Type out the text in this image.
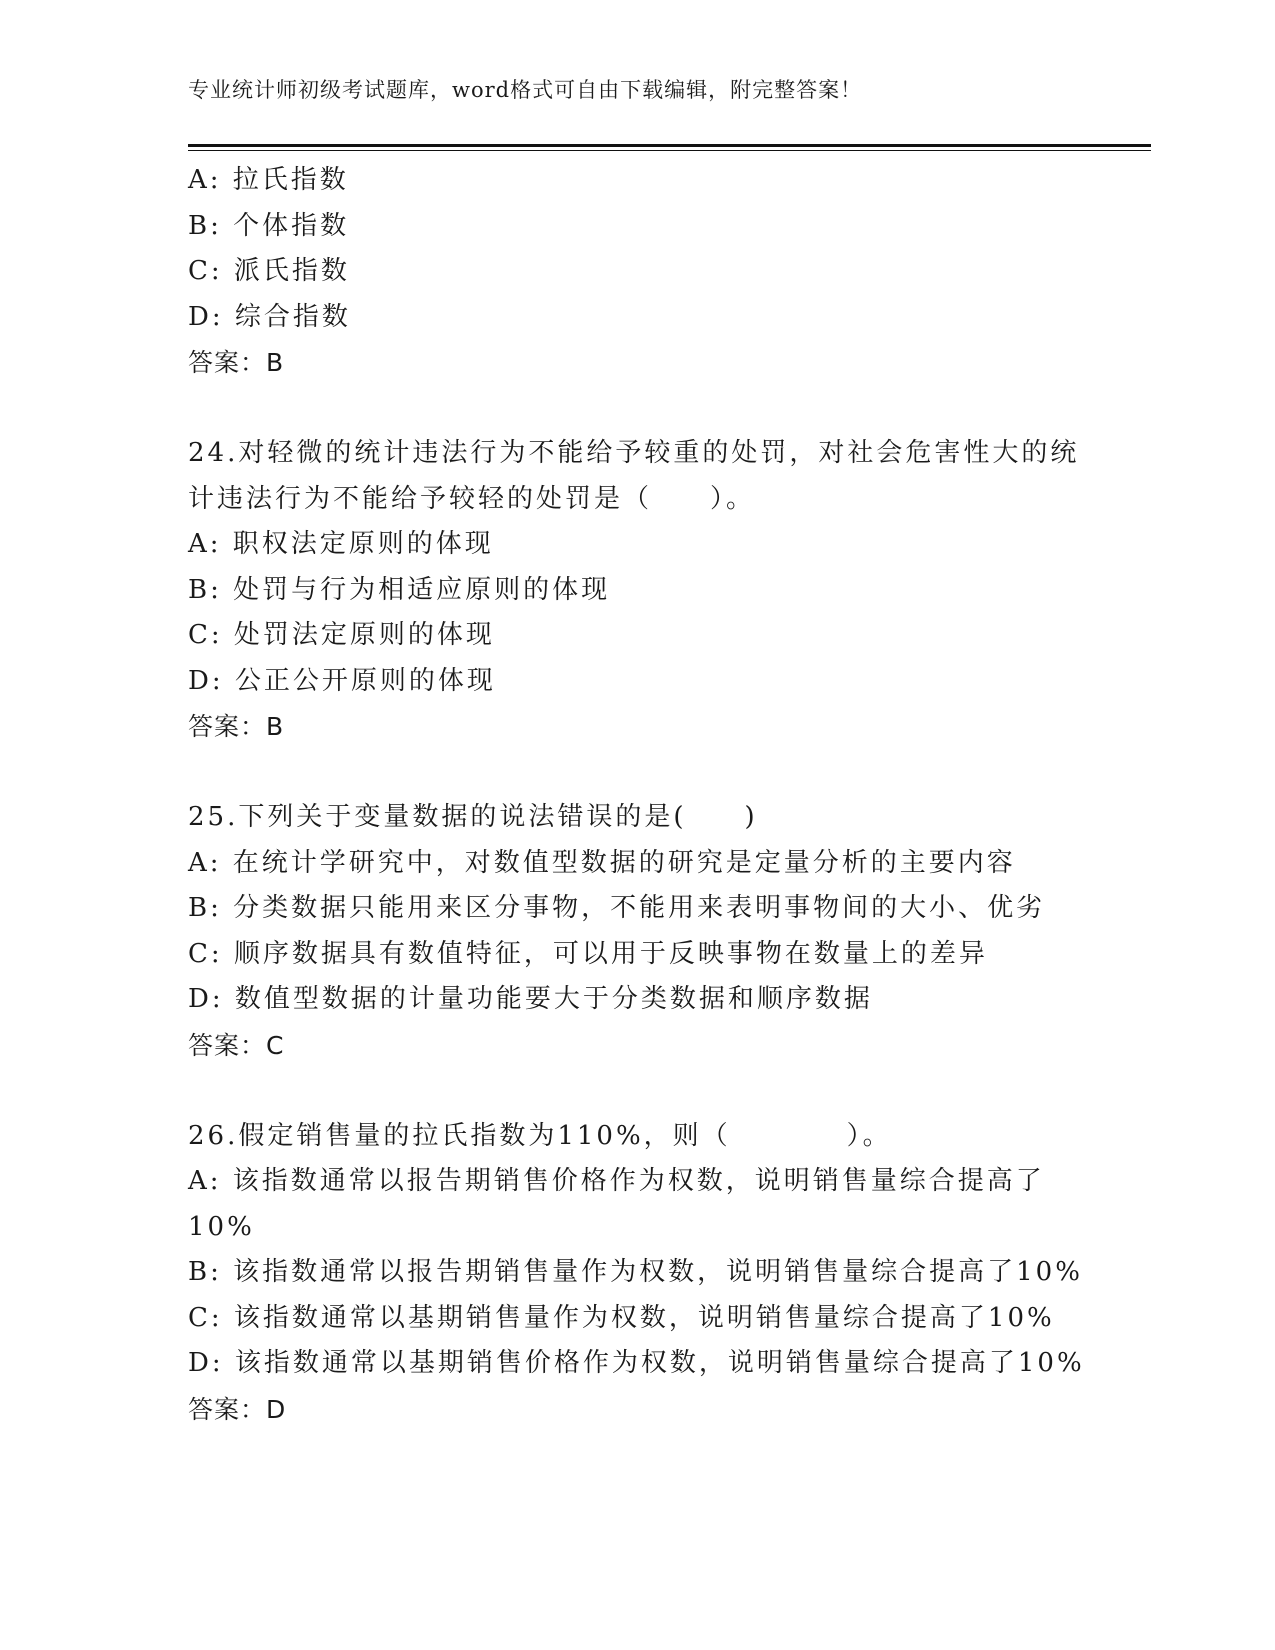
专业统计师初级考试题库，word格式可自由下载编辑，附完整答案！
A: 拉氏指数
B: 个体指数
C: 派氏指数
D: 综合指数
答案：B
24.对轻微的统计违法行为不能给予较重的处罚，对社会危害性大的统
计违法行为不能给予较轻的处罚是（　　）。
A: 职权法定原则的体现
B: 处罚与行为相适应原则的体现
C: 处罚法定原则的体现
D: 公正公开原则的体现
答案：B
25.下列关于变量数据的说法错误的是(　　)
A: 在统计学研究中，对数值型数据的研究是定量分析的主要内容
B: 分类数据只能用来区分事物，不能用来表明事物间的大小、优劣
C: 顺序数据具有数值特征，可以用于反映事物在数量上的差异
D: 数值型数据的计量功能要大于分类数据和顺序数据
答案：C
26.假定销售量的拉氏指数为110%，则（　　　　）。
A: 该指数通常以报告期销售价格作为权数，说明销售量综合提高了
10%
B: 该指数通常以报告期销售量作为权数，说明销售量综合提高了10%
C: 该指数通常以基期销售量作为权数，说明销售量综合提高了10%
D: 该指数通常以基期销售价格作为权数，说明销售量综合提高了10%
答案：D
